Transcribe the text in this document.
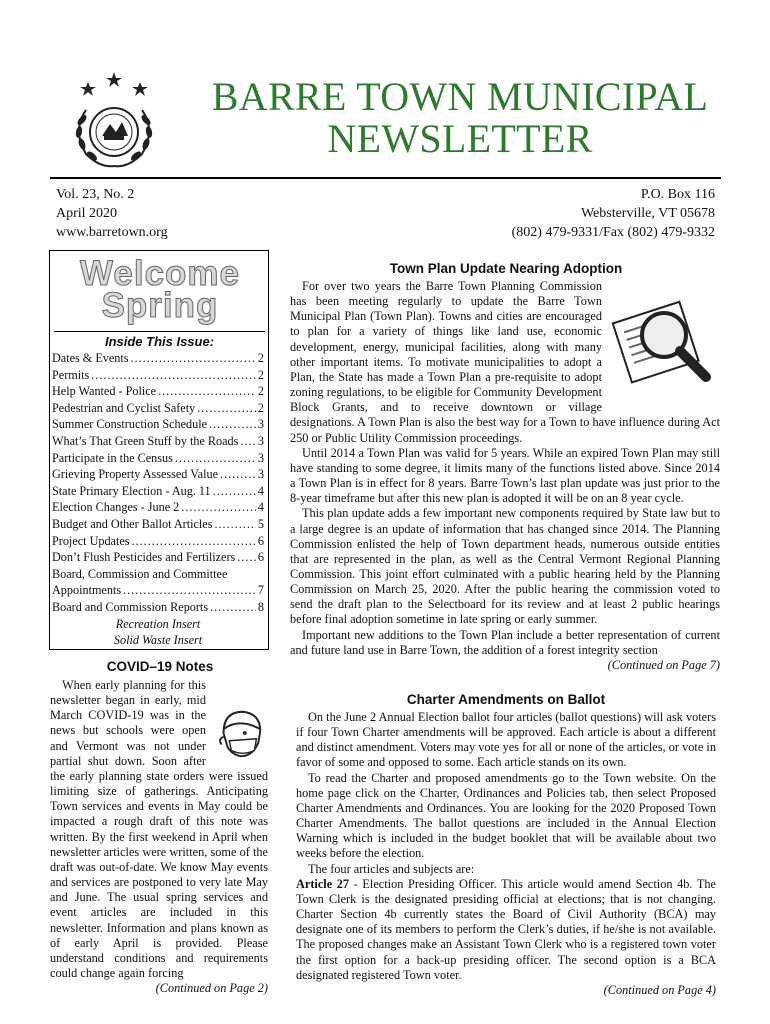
BARRE TOWN MUNICIPAL
NEWSLETTER
Vol. 23, No. 2
April 2020
www.barretown.org
P.O. Box 116
Websterville, VT 05678
(802) 479-9331/Fax (802) 479-9332
Welcome
Spring
Inside This Issue:
Dates & Events .....	2
Permits .....	2
Help Wanted - Police .....	2
Pedestrian and Cyclist Safety .....	2
Summer Construction Schedule .....	3
What’s That Green Stuff by the Roads ..... 3
Participate in the Census .....	3
Grieving Property Assessed Value .....	3
State Primary Election - Aug. 11 .....	4
Election Changes - June 2 .....	4
Budget and Other Ballot Articles .....	5
Project Updates .....	6
Don’t Flush Pesticides and Fertilizers ..... 6
Board, Commission and Committee
Appointments .....	7
Board and Commission Reports .....	8
Recreation Insert
Solid Waste Insert
COVID–19 Notes

When early planning for this newsletter began in early, mid March COVID-19 was in the news but schools were open and Vermont was not under partial shut down. Soon after the early planning state orders were issued limiting size of gatherings. Anticipating Town services and events in May could be impacted a rough draft of this note was written. By the first weekend in April when newsletter articles were written, some of the draft was out-of-date. We know May events and services are postponed to very late May and June. The usual spring services and event articles are included in this newsletter. Information and plans known as of early April is provided. Please understand conditions and requirements could change again forcing

(Continued on Page 2)

Town Plan Update Nearing Adoption

For over two years the Barre Town Planning Commission has been meeting regularly to update the Barre Town Municipal Plan (Town Plan). Towns and cities are encouraged to plan for a variety of things like land use, economic development, energy, municipal facilities, along with many other important items. To motivate municipalities to adopt a Plan, the State has made a Town Plan a pre-requisite to adopt zoning regulations, to be eligible for Community Development Block Grants, and to receive downtown or village designations. A Town Plan is also the best way for a Town to have influence during Act 250 or Public Utility Commission proceedings.

Until 2014 a Town Plan was valid for 5 years. While an expired Town Plan may still have standing to some degree, it limits many of the functions listed above. Since 2014 a Town Plan is in effect for 8 years. Barre Town’s last plan update was just prior to the 8-year timeframe but after this new plan is adopted it will be on an 8 year cycle.

This plan update adds a few important new components required by State law but to a large degree is an update of information that has changed since 2014. The Planning Commission enlisted the help of Town department heads, numerous outside entities that are represented in the plan, as well as the Central Vermont Regional Planning Commission. This joint effort culminated with a public hearing held by the Planning Commission on March 25, 2020. After the public hearing the commission voted to send the draft plan to the Selectboard for its review and at least 2 public hearings before final adoption sometime in late spring or early summer.

Important new additions to the Town Plan include a better representation of current and future land use in Barre Town, the addition of a forest integrity section

(Continued on Page 7)

Charter Amendments on Ballot

On the June 2 Annual Election ballot four articles (ballot questions) will ask voters if four Town Charter amendments will be approved. Each article is about a different and distinct amendment. Voters may vote yes for all or none of the articles, or vote in favor of some and opposed to some. Each article stands on its own.

To read the Charter and proposed amendments go to the Town website. On the home page click on the Charter, Ordinances and Policies tab, then select Proposed Charter Amendments and Ordinances. You are looking for the 2020 Proposed Town Charter Amendments. The ballot questions are included in the Annual Election Warning which is included in the budget booklet that will be available about two weeks before the election.

The four articles and subjects are:

Article 27 - Election Presiding Officer. This article would amend Section 4b. The Town Clerk is the designated presiding official at elections; that is not changing. Charter Section 4b currently states the Board of Civil Authority (BCA) may designate one of its members to perform the Clerk’s duties, if he/she is not available. The proposed changes make an Assistant Town Clerk who is a registered town voter the first option for a back-up presiding officer. The second option is a BCA designated registered Town voter.

(Continued on Page 4)
